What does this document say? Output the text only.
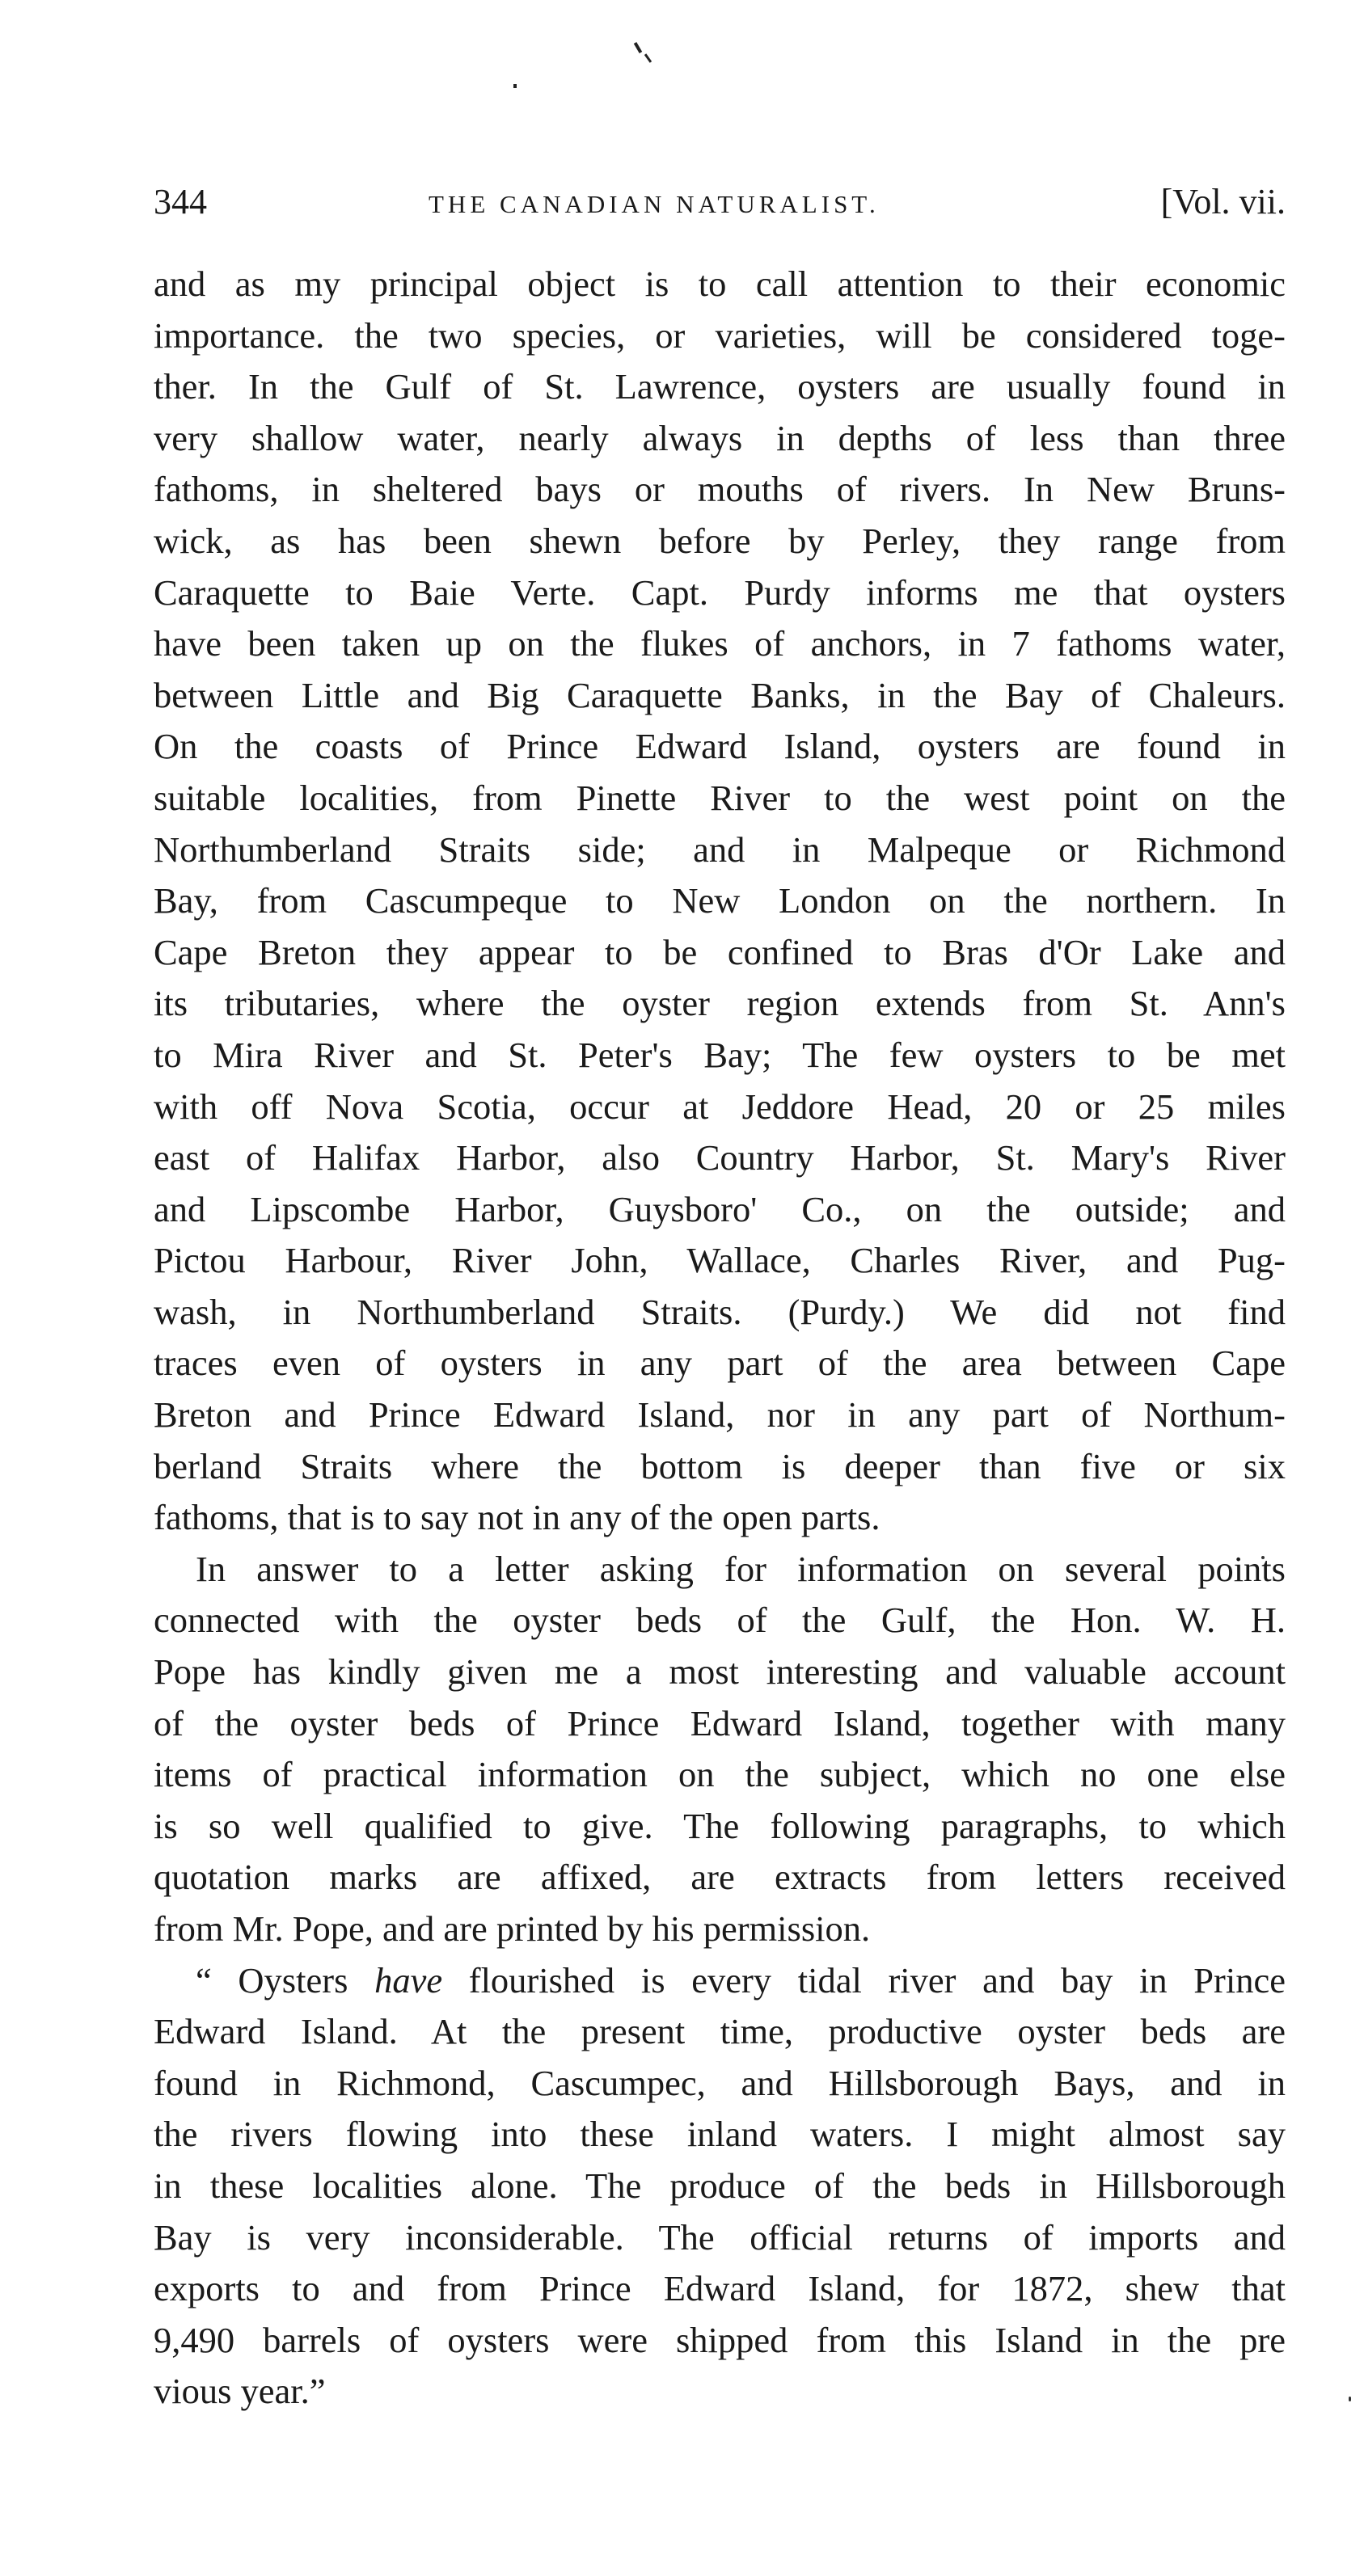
344	THE CANADIAN NATURALIST.	[Vol. vii.
and as my principal object is to call attention to their economic
importance. the two species, or varieties, will be considered toge-
ther. In the Gulf of St. Lawrence, oysters are usually found in
very shallow water, nearly always in depths of less than three
fathoms, in sheltered bays or mouths of rivers. In New Bruns-
wick, as has been shewn before by Perley, they range from
Caraquette to Baie Verte. Capt. Purdy informs me that oysters
have been taken up on the flukes of anchors, in 7 fathoms water,
between Little and Big Caraquette Banks, in the Bay of Chaleurs.
On the coasts of Prince Edward Island, oysters are found in
suitable localities, from Pinette River to the west point on the
Northumberland Straits side; and in Malpeque or Richmond
Bay, from Cascumpeque to New London on the northern. In
Cape Breton they appear to be confined to Bras d'Or Lake and
its tributaries, where the oyster region extends from St. Ann's
to Mira River and St. Peter's Bay; The few oysters to be met
with off Nova Scotia, occur at Jeddore Head, 20 or 25 miles
east of Halifax Harbor, also Country Harbor, St. Mary's River
and Lipscombe Harbor, Guysboro' Co., on the outside; and
Pictou Harbour, River John, Wallace, Charles River, and Pug-
wash, in Northumberland Straits. (Purdy.) We did not find
traces even of oysters in any part of the area between Cape
Breton and Prince Edward Island, nor in any part of Northum-
berland Straits where the bottom is deeper than five or six
fathoms, that is to say not in any of the open parts.
In answer to a letter asking for information on several points
connected with the oyster beds of the Gulf, the Hon. W. H.
Pope has kindly given me a most interesting and valuable account
of the oyster beds of Prince Edward Island, together with many
items of practical information on the subject, which no one else
is so well qualified to give. The following paragraphs, to which
quotation marks are affixed, are extracts from letters received
from Mr. Pope, and are printed by his permission.
“ Oysters have flourished is every tidal river and bay in Prince
Edward Island. At the present time, productive oyster beds are
found in Richmond, Cascumpec, and Hillsborough Bays, and in
the rivers flowing into these inland waters. I might almost say
in these localities alone. The produce of the beds in Hillsborough
Bay is very inconsiderable. The official returns of imports and
exports to and from Prince Edward Island, for 1872, shew that
9,490 barrels of oysters were shipped from this Island in the pre
vious year.”
